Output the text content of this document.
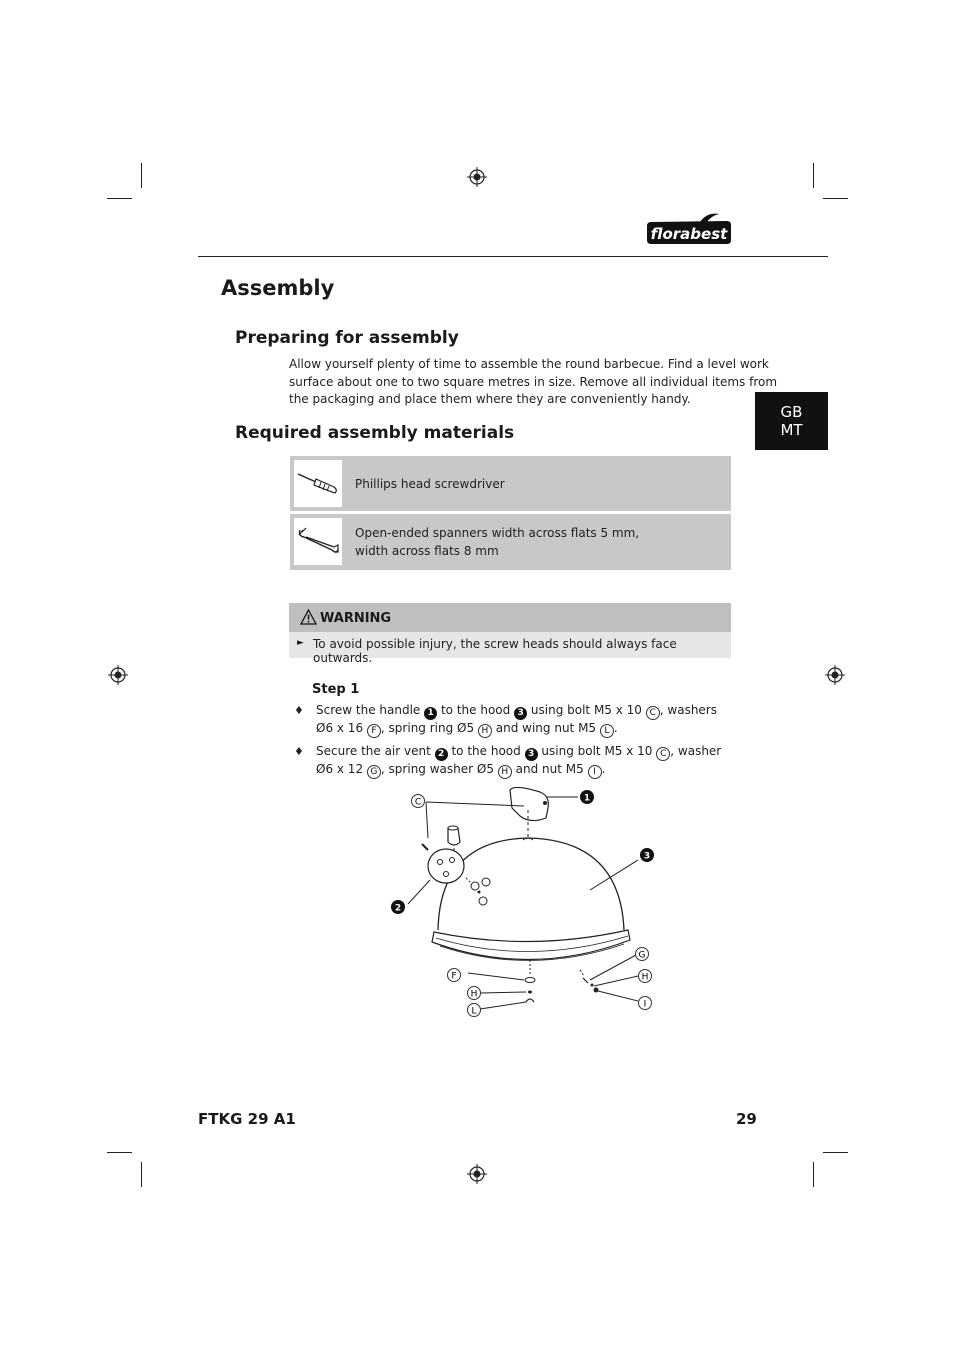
florabest
Assembly
Preparing for assembly

Allow yourself plenty of time to assemble the round barbecue. Find a level work
surface about one to two square metres in size. Remove all individual items from
the packaging and place them where they are conveniently handy.

GB
MT
Required assembly materials
Phillips head screwdriver
Open-ended spanners width across flats 5 mm,
width across flats 8 mm
WARNING
► To avoid possible injury, the screw heads should always face outwards.
Step 1
♦ Screw the handle 1 to the hood 3 using bolt M5 x 10 C , washers
Ø6 x 16 F , spring ring Ø5 H and wing nut M5 L .
♦ Secure the air vent 2 to the hood 3 using bolt M5 x 10 C , washer
Ø6 x 12 G , spring washer Ø5 H and nut M5 I .
C	1
3
2
G
F	H
H
I
L
FTKG 29 A1	29
